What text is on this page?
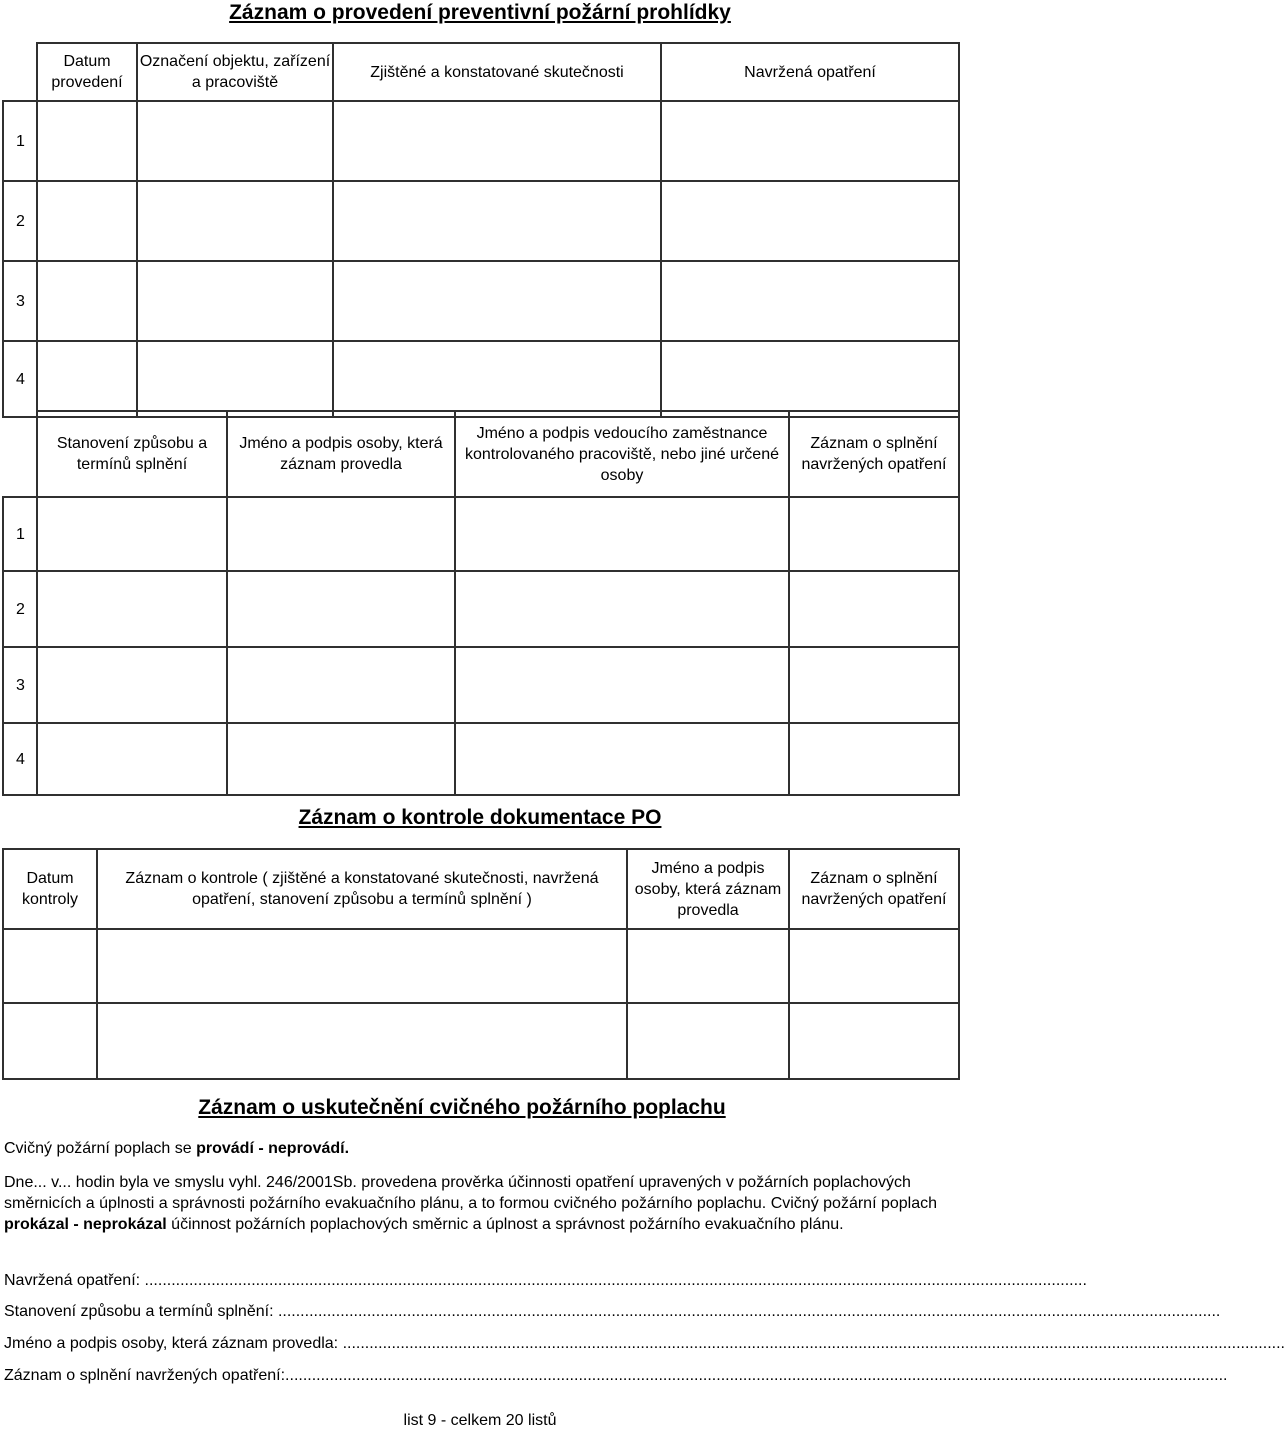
Záznam o provedení preventivní požární prohlídky
	Datum provedení	Označení objektu, zařízení a pracoviště	Zjištěné a konstatované skutečnosti	Navržená opatření
1				
2				
3				
4				
	Stanovení způsobu a termínů splnění	Jméno a podpis osoby, která záznam provedla	Jméno a podpis vedoucího zaměstnance kontrolovaného pracoviště, nebo jiné určené osoby	Záznam o splnění navržených opatření
1				
2				
3				
4				
Záznam o kontrole dokumentace PO
Datum kontroly	Záznam o kontrole ( zjištěné a konstatované skutečnosti, navržená opatření, stanovení způsobu a termínů splnění )	Jméno a podpis osoby, která záznam provedla	Záznam o splnění navržených opatření

Záznam o uskutečnění cvičného požárního poplachu
Cvičný požární poplach se provádí - neprovádí.
Dne... v... hodin byla ve smyslu vyhl. 246/2001Sb. provedena prověrka účinnosti opatření upravených v požárních poplachových směrnicích a úplnosti a správnosti požárního evakuačního plánu, a to formou cvičného požárního poplachu. Cvičný požární poplach prokázal - neprokázal účinnost požárních poplachových směrnic a úplnost a správnost požárního evakuačního plánu.
Navržená opatření: ....................................................................................................................................................................................................................
Stanovení způsobu a termínů splnění: ....................................................................................................................................................................................................................
Jméno a podpis osoby, která záznam provedla: ....................................................................................................................................................................................................................
Záznam o splnění navržených opatření:....................................................................................................................................................................................................................
list 9 - celkem 20 listů
